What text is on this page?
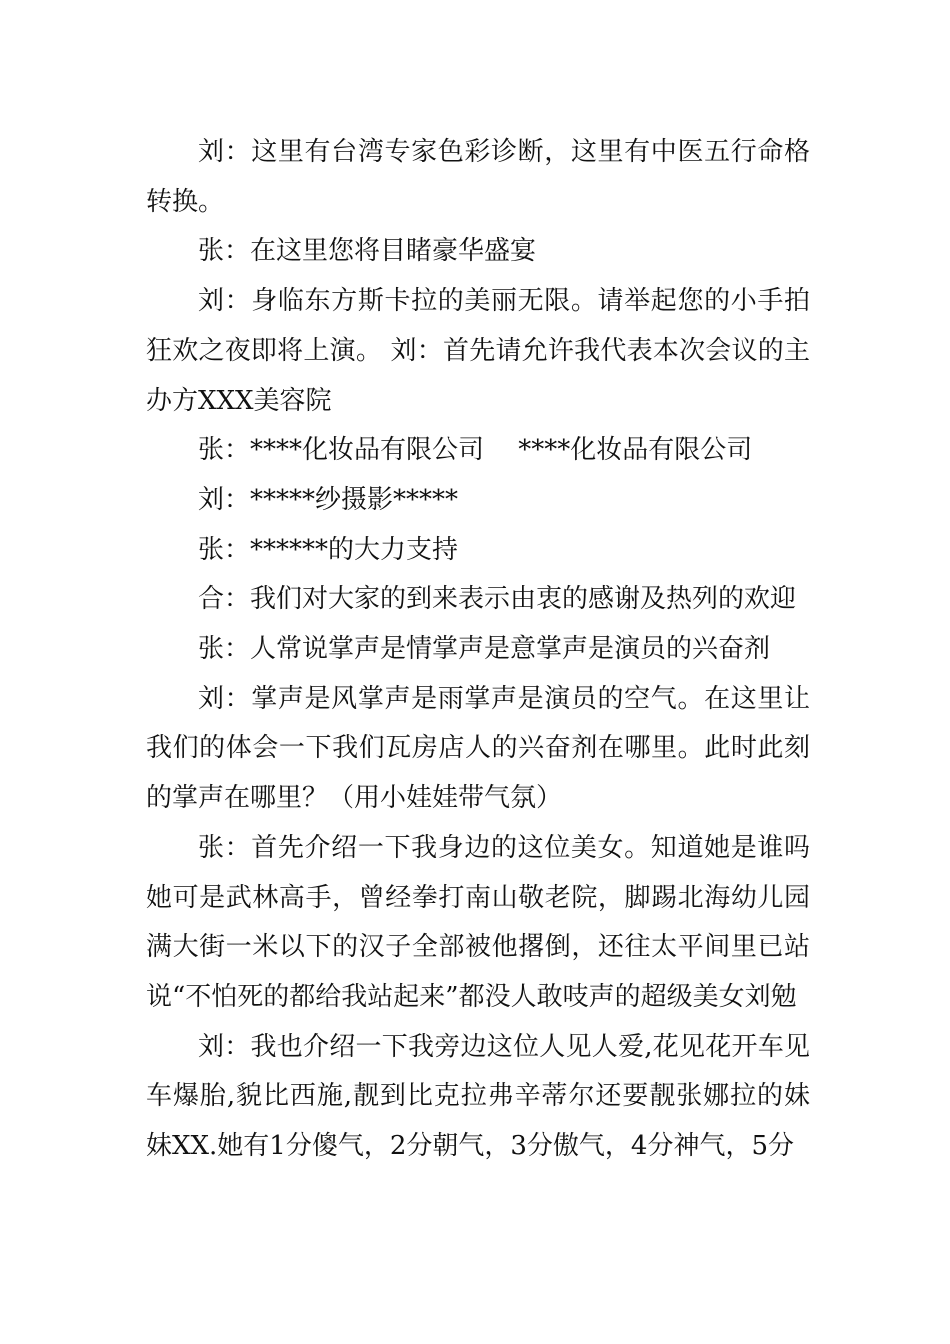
刘：这里有台湾专家色彩诊断，这里有中医五行命格转换。

张：在这里您将目睹豪华盛宴

刘：身临东方斯卡拉的美丽无限。请举起您的小手拍狂欢之夜即将上演。 刘：首先请允许我代表本次会议的主办方XXX美容院

张：****化妆品有限公司　 ****化妆品有限公司

刘：*****纱摄影*****

张：******的大力支持

合：我们对大家的到来表示由衷的感谢及热列的欢迎

张：人常说掌声是情掌声是意掌声是演员的兴奋剂

刘：掌声是风掌声是雨掌声是演员的空气。在这里让我们的体会一下我们瓦房店人的兴奋剂在哪里。此时此刻的掌声在哪里？（用小娃娃带气氛）

张：首先介绍一下我身边的这位美女。知道她是谁吗她可是武林高手，曾经拳打南山敬老院，脚踢北海幼儿园满大街一米以下的汉子全部被他撂倒，还往太平间里已站说“不怕死的都给我站起来”都没人敢吱声的超级美女刘勉

刘：我也介绍一下我旁边这位人见人爱,花见花开车见车爆胎,貌比西施,靓到比克拉弗辛蒂尔还要靓张娜拉的妹妹XX.她有1分傻气，2分朝气，3分傲气，4分神气，5分
